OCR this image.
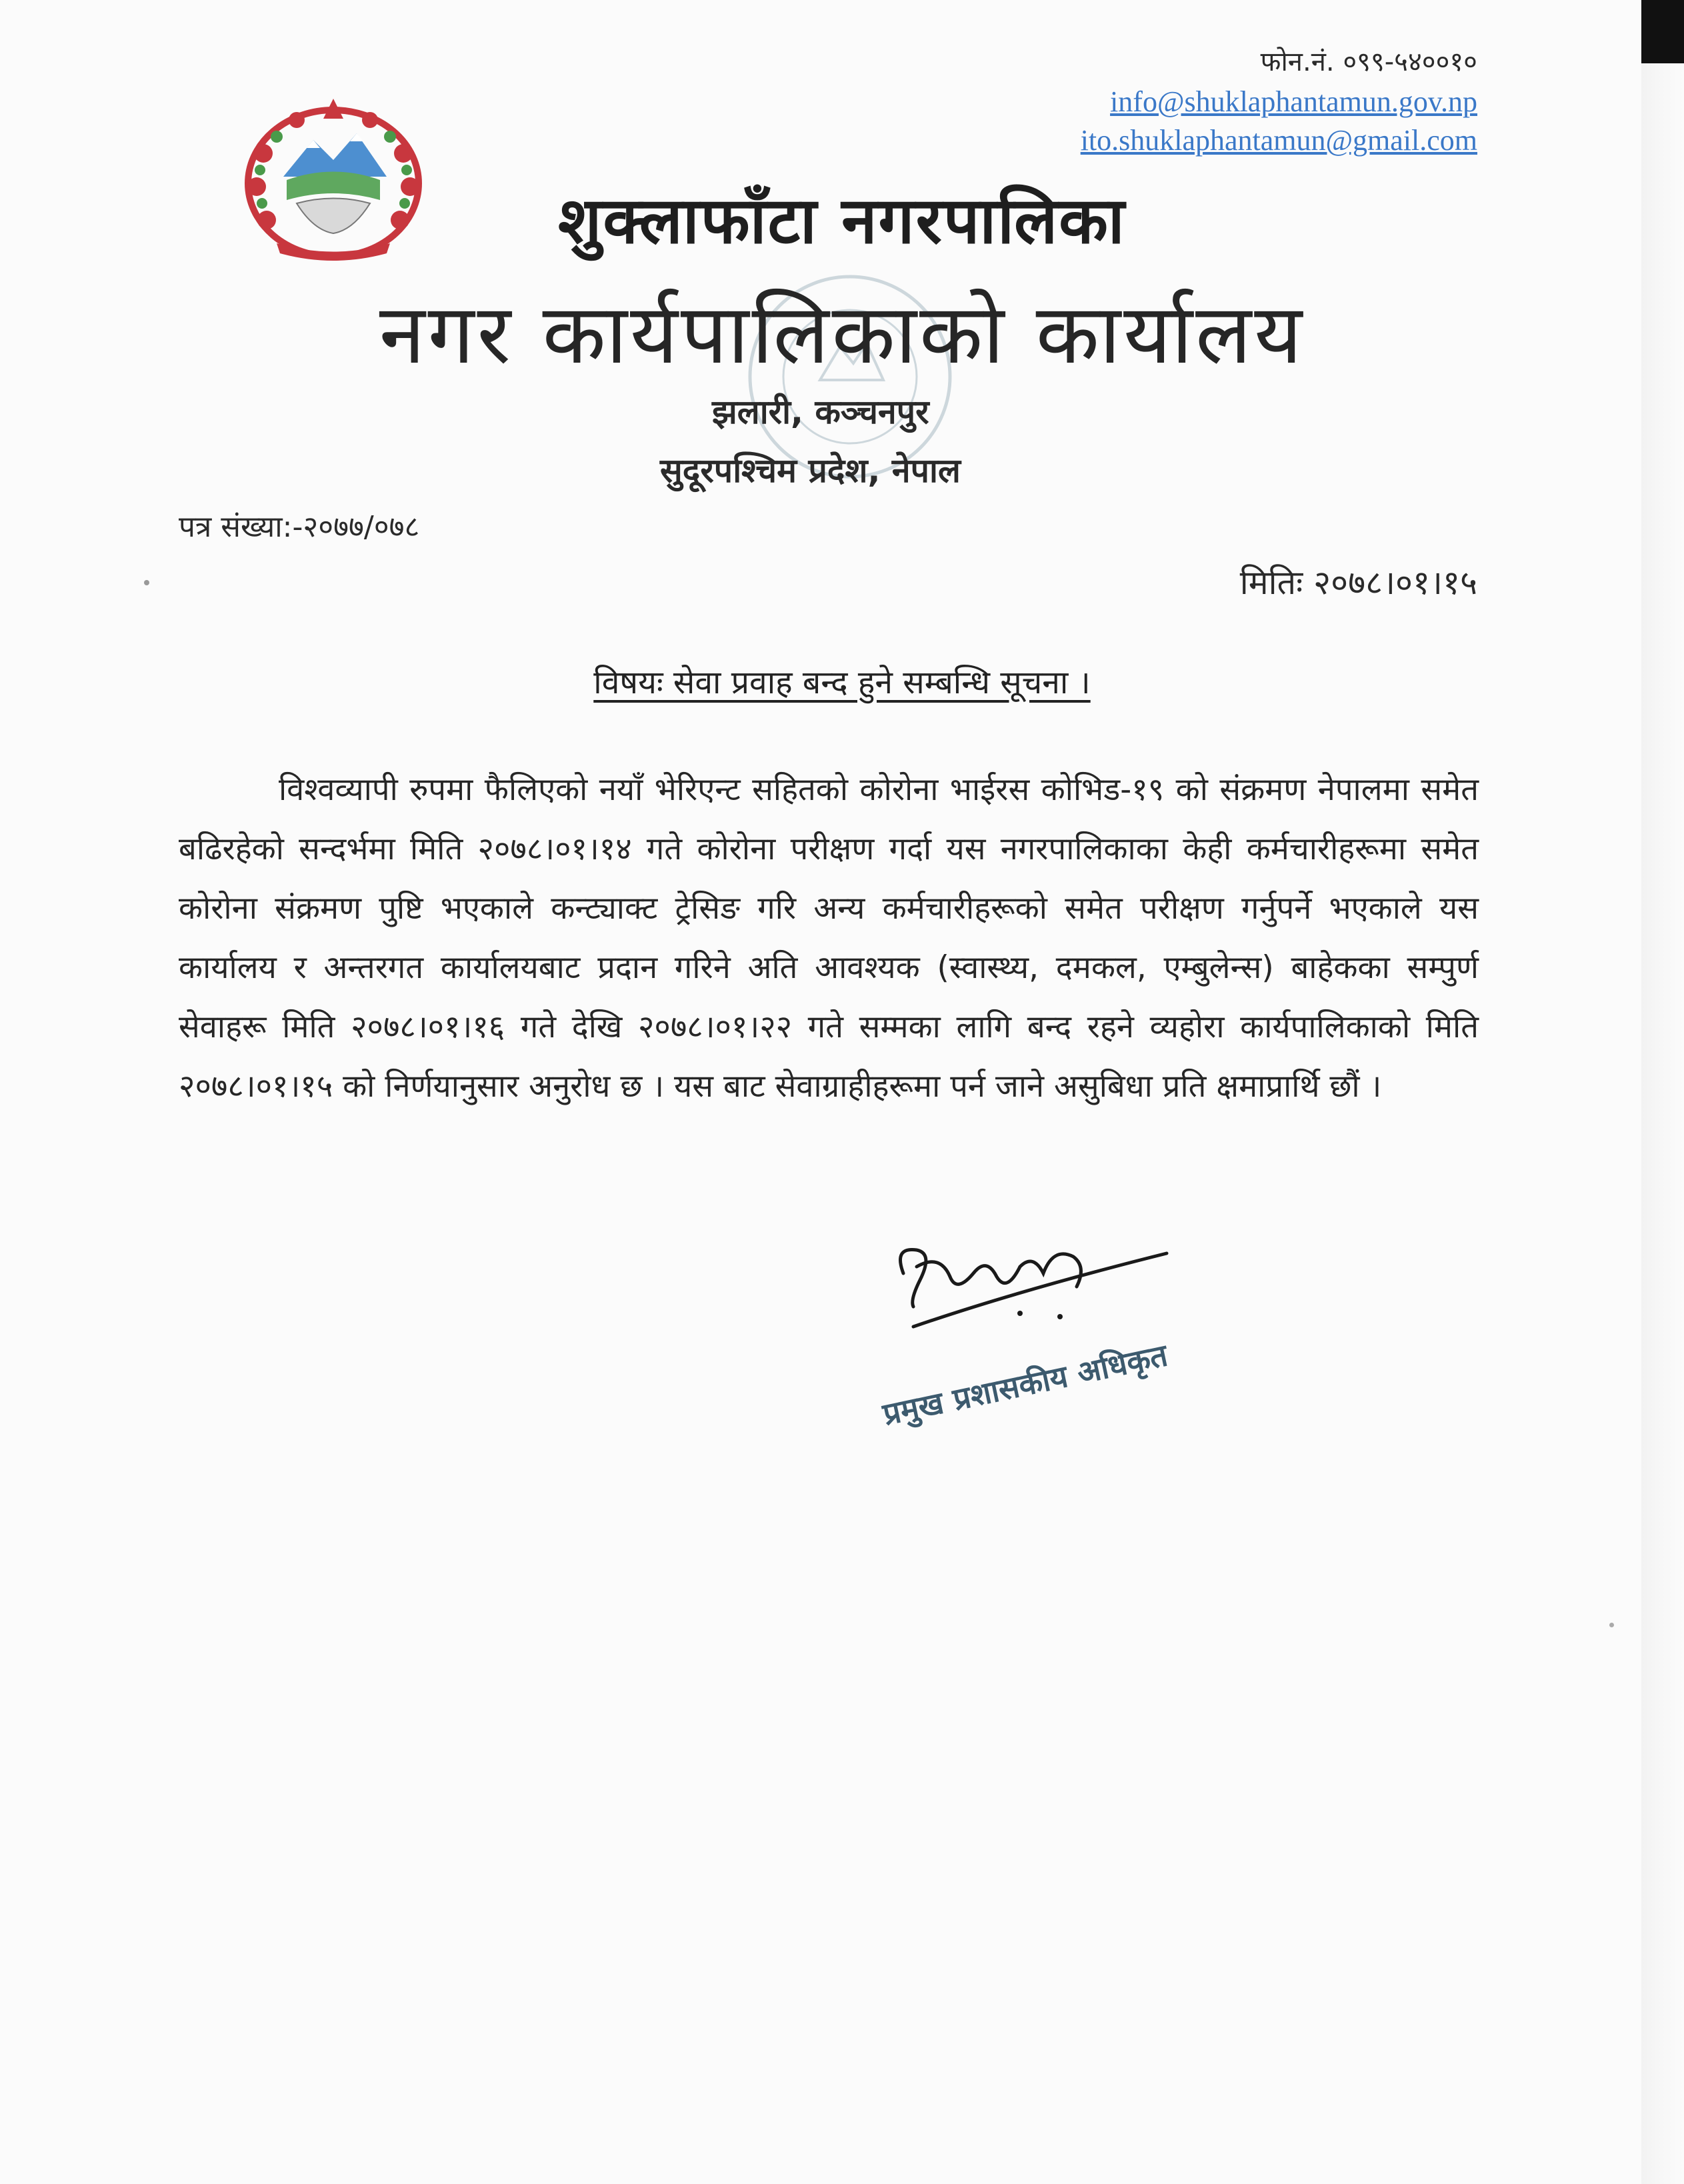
फोन.नं. ०९९-५४००१०
info@shuklaphantamun.gov.np
ito.shuklaphantamun@gmail.com
शुक्लाफाँटा नगरपालिका
नगर कार्यपालिकाको कार्यालय
झलारी, कञ्चनपुर
सुदूरपश्चिम प्रदेश, नेपाल
पत्र संख्या:-२०७७/०७८
मितिः २०७८।०१।१५
विषयः सेवा प्रवाह बन्द हुने सम्बन्धि सूचना ।
विश्वव्यापी रुपमा फैलिएको नयाँ भेरिएन्ट सहितको कोरोना भाईरस कोभिड-१९ को संक्रमण नेपालमा समेत बढिरहेको सन्दर्भमा मिति २०७८।०१।१४ गते कोरोना परीक्षण गर्दा यस नगरपालिकाका केही कर्मचारीहरूमा समेत कोरोना संक्रमण पुष्टि भएकाले कन्ट्याक्ट ट्रेसिङ गरि अन्य कर्मचारीहरूको समेत परीक्षण गर्नुपर्ने भएकाले यस कार्यालय र अन्तरगत कार्यालयबाट प्रदान गरिने अति आवश्यक (स्वास्थ्य, दमकल, एम्बुलेन्स) बाहेकका सम्पुर्ण सेवाहरू मिति २०७८।०१।१६ गते देखि २०७८।०१।२२ गते सम्मका लागि बन्द रहने व्यहोरा कार्यपालिकाको मिति २०७८।०१।१५ को निर्णयानुसार अनुरोध छ । यस बाट सेवाग्राहीहरूमा पर्न जाने असुबिधा प्रति क्षमाप्रार्थि छौं ।
प्रमुख प्रशासकीय अधिकृत
